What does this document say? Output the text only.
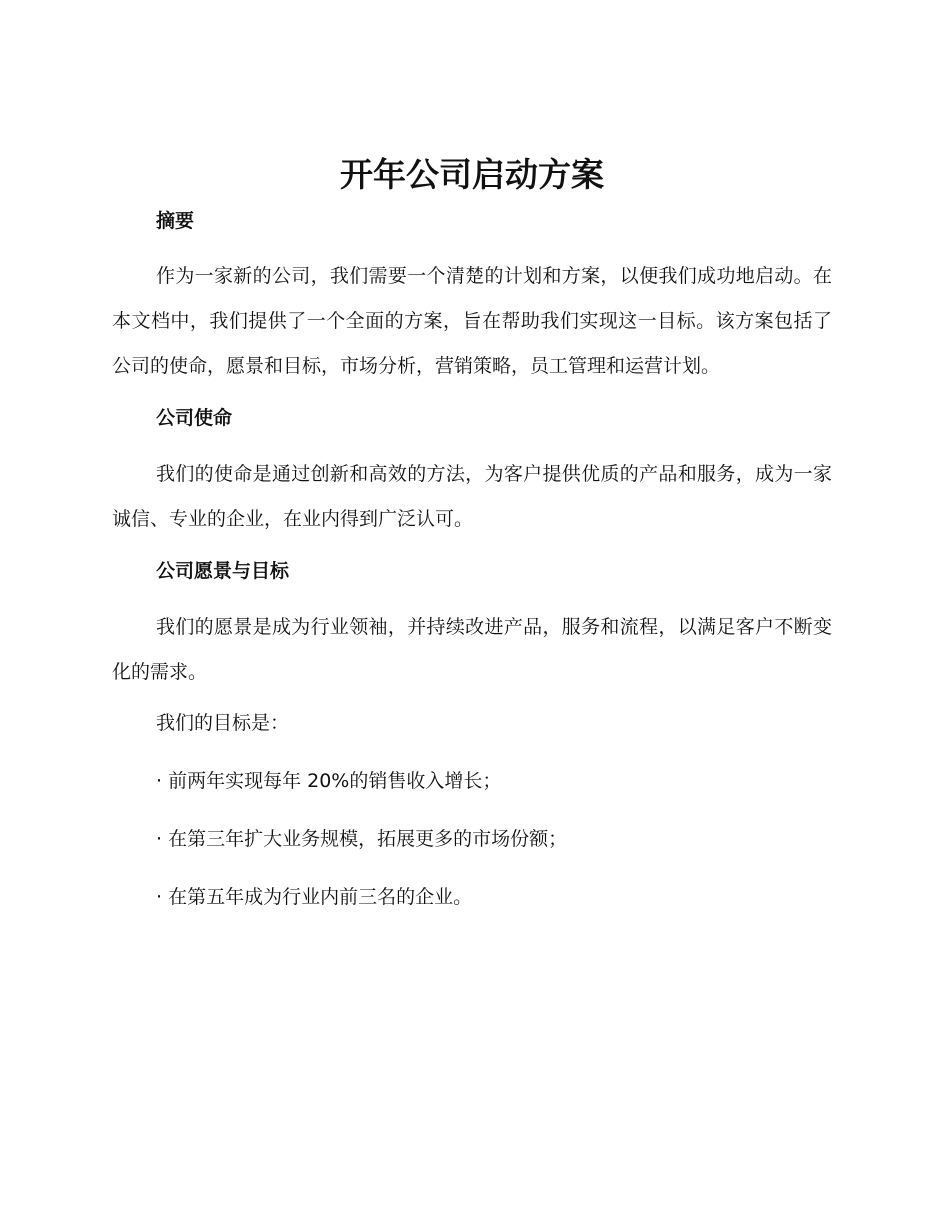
开年公司启动方案
摘要

作为一家新的公司，我们需要一个清楚的计划和方案，以便我们成功地启动。在本文档中，我们提供了一个全面的方案，旨在帮助我们实现这一目标。该方案包括了公司的使命，愿景和目标，市场分析，营销策略，员工管理和运营计划。

公司使命

我们的使命是通过创新和高效的方法，为客户提供优质的产品和服务，成为一家诚信、专业的企业，在业内得到广泛认可。

公司愿景与目标

我们的愿景是成为行业领袖，并持续改进产品，服务和流程，以满足客户不断变化的需求。

我们的目标是：

· 前两年实现每年 20%的销售收入增长；

· 在第三年扩大业务规模，拓展更多的市场份额；

· 在第五年成为行业内前三名的企业。
